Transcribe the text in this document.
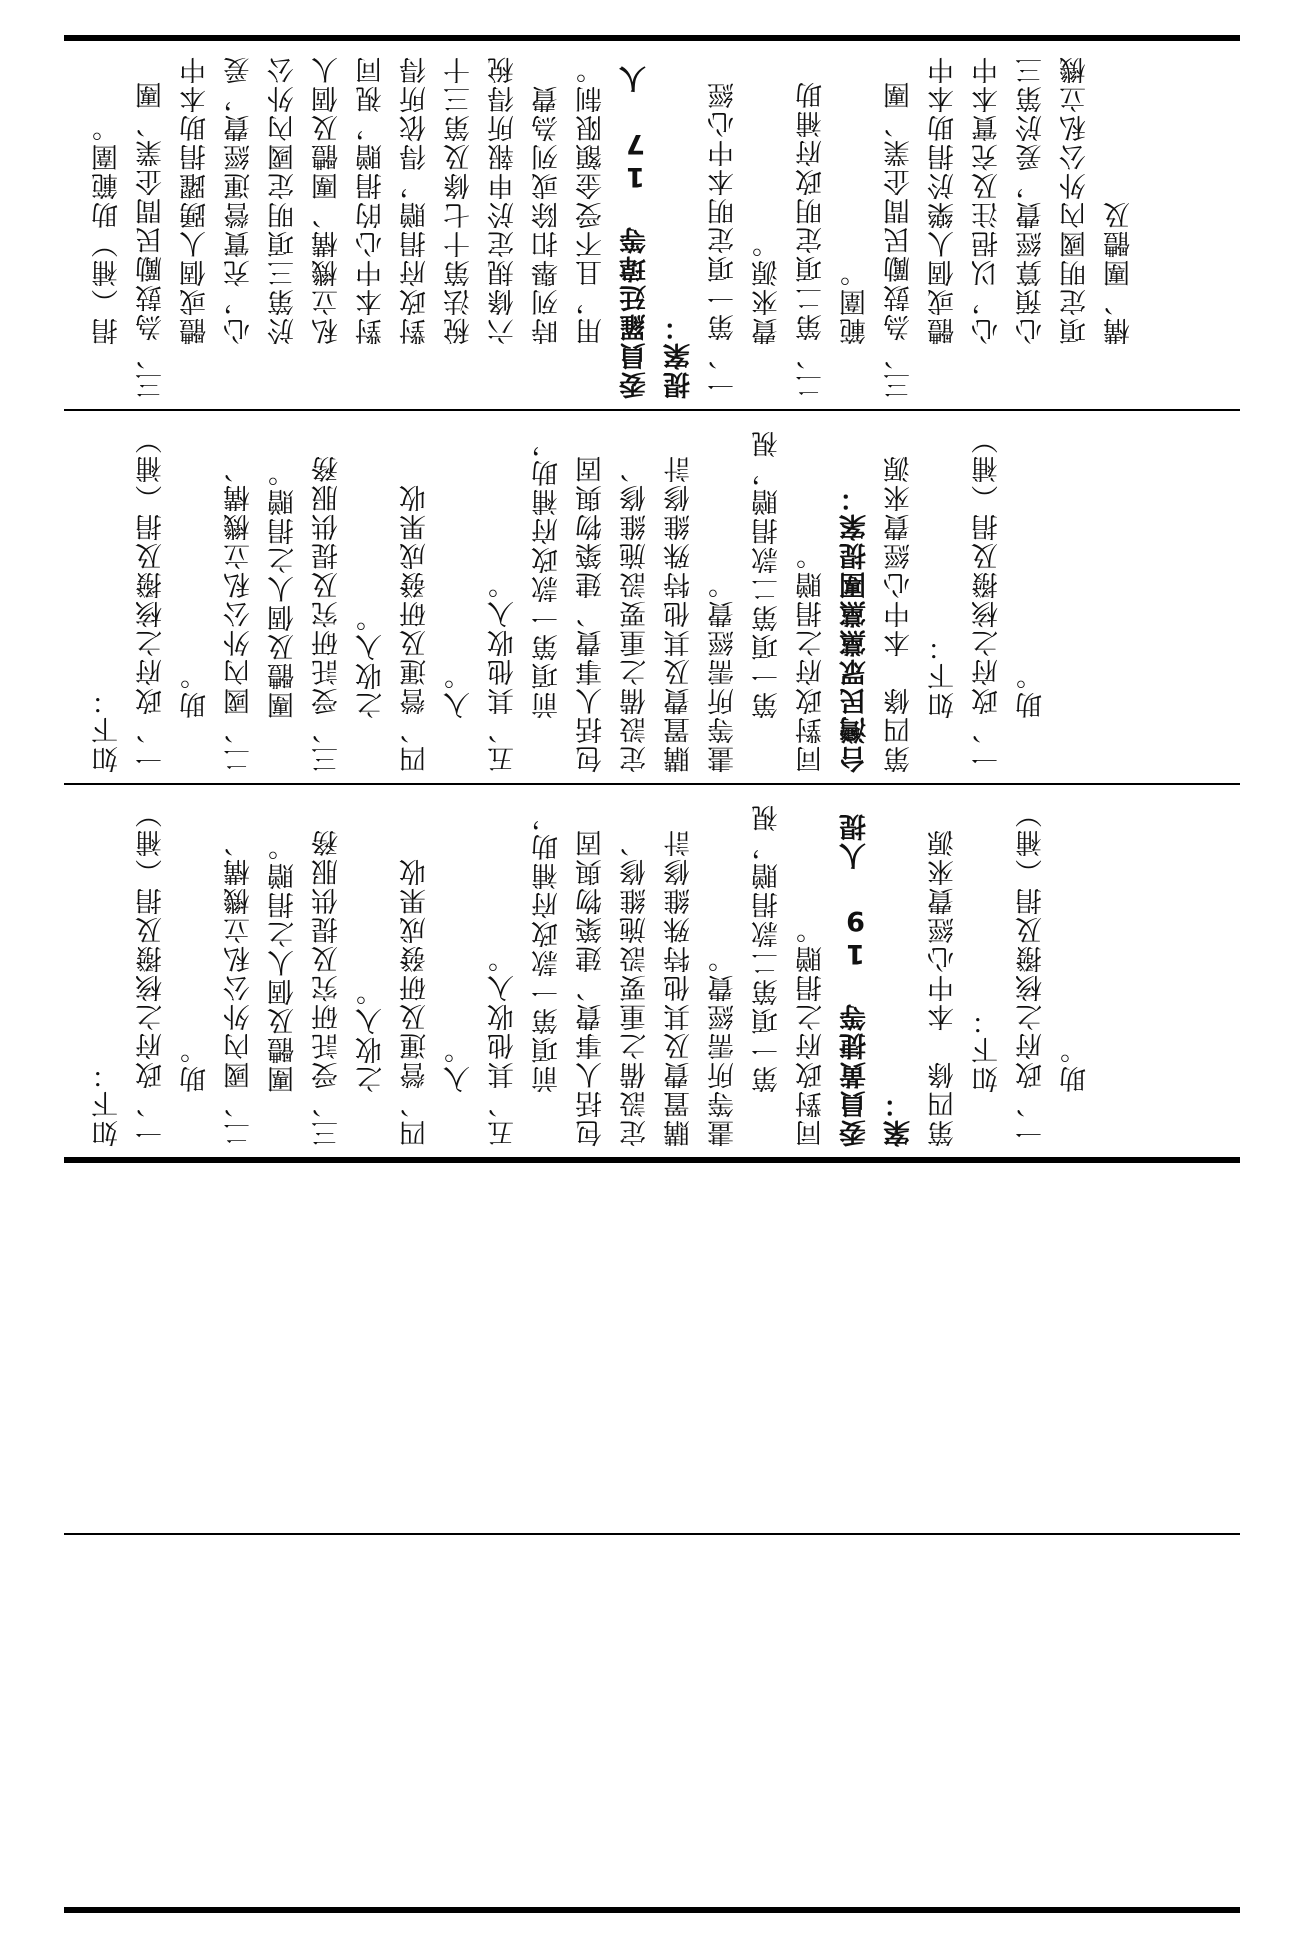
捐（補）助範圍。 三、為鼓勵民間企業、團體或個人踴躍捐助本中心，充實營運經費，爰於第三項明定國內外公私立機構、團體及個人對本中心的捐贈，視同對政府捐贈，得依所得稅法第十七條及第三十六條規定於申報所得稅時列舉扣除或列為費用，且不受金額限制。 委員羅廷瑋等 17 人提案： 一、第一項定明本中心經費來源。 二、第二項定明政府補助範圍。 三、為鼓勵民間企業、團體或個人樂於捐助本中心，以挹注及充實本中心預算經費，爰於第三項定明國內外公私立機構、團體及
如下： 一、政府之核撥及捐（補）助。 二、國內外公私立機構、團體及個人之捐贈。 三、受託研究及提供服務之收入。 四、營運及研發成果收入。 五、其他收入。 前項第一款政府補助，包括人事費、建築物與固定設備之重要設施維修、購置費及其他特殊維修計畫等所需經費。 第一項第二款捐贈，視同對政府之捐贈。 台灣民眾黨黨團提案： 第四條　本中心經費來源如下： 一、政府之核撥及捐（補）助。
如下： 一、政府之核撥及捐（補）助。 二、國內外公私立機構、團體及個人之捐贈。 三、受託研究及提供服務之收入。 四、營運及研發成果收入。 五、其他收入。 前項第一款政府補助，包括人事費、建築物與固定設備之重要設施維修、購置費及其他特殊維修計畫等所需經費。 第一項第二款捐贈，視同對政府之捐贈。 委員黃捷等 19 人提案： 第四條　本中心經費來源如下： 一、政府之核撥及捐（補）助。
